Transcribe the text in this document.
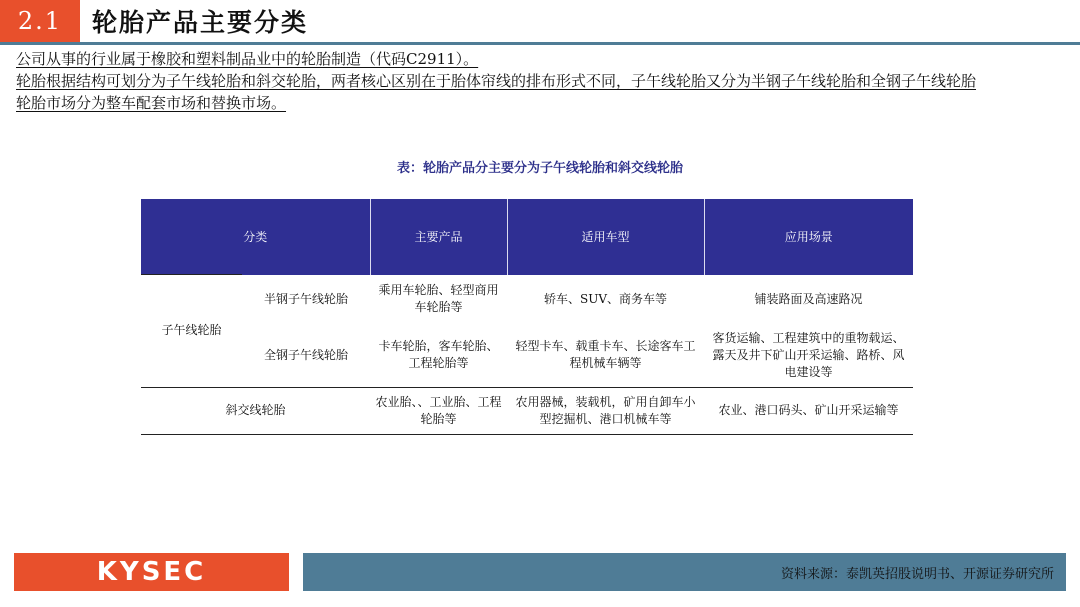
2.1	轮胎产品主要分类
公司从事的行业属于橡胶和塑料制品业中的轮胎制造（代码C2911）。
轮胎根据结构可划分为子午线轮胎和斜交轮胎，两者核心区别在于胎体帘线的排布形式不同，子午线轮胎又分为半钢子午线轮胎和全钢子午线轮胎
轮胎市场分为整车配套市场和替换市场。
表：轮胎产品分主要分为子午线轮胎和斜交线轮胎
分类		主要产品	适用车型	应用场景
子午线轮胎	半钢子午线轮胎	乘用车轮胎、轻型商用车轮胎等	轿车、SUV、商务车等	铺装路面及高速路况
	全钢子午线轮胎	卡车轮胎，客车轮胎、工程轮胎等	轻型卡车、载重卡车、长途客车工程机械车辆等	客货运输、工程建筑中的重物载运、露天及井下矿山开采运输、路桥、风电建设等
斜交线轮胎		农业胎、、工业胎、工程轮胎等	农用器械，装载机，矿用自卸车小型挖掘机、港口机械车等	农业、港口码头、矿山开采运输等
KYSEC	资料来源：泰凯英招股说明书、开源证券研究所
